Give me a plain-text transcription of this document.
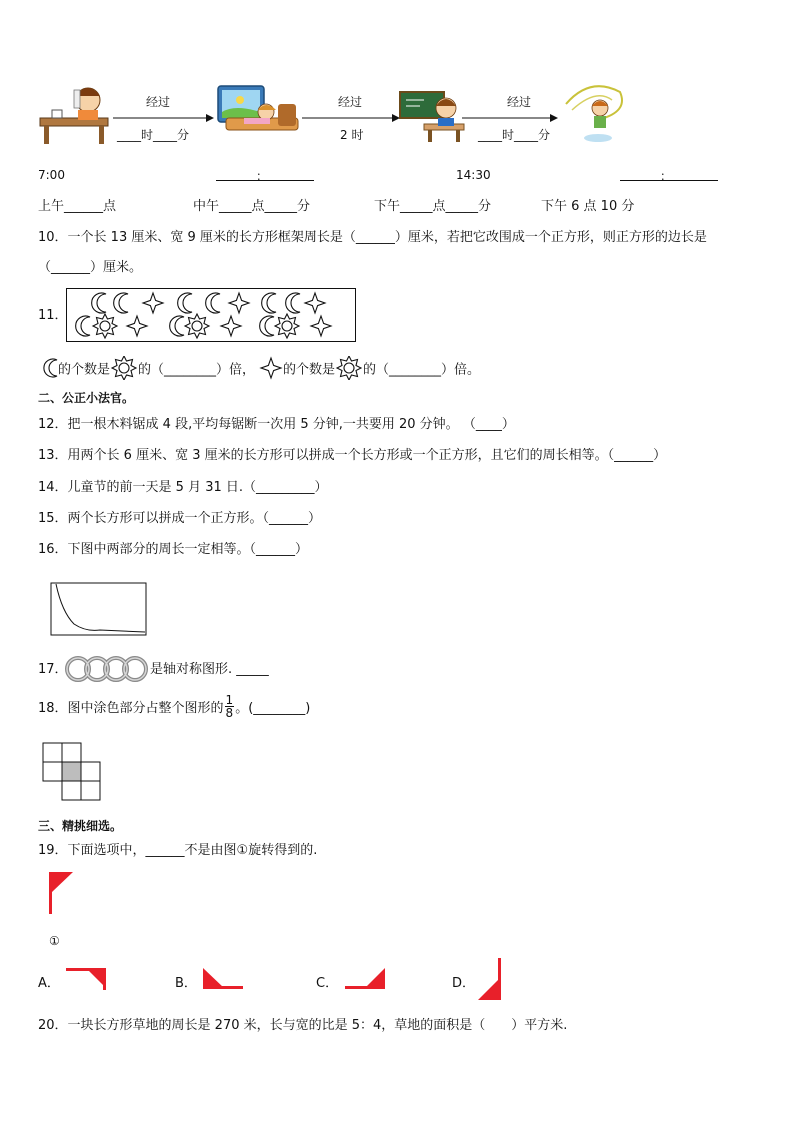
经过
____时____分
经过
2 时
经过
____时____分
7:00	：	14:30	：
上午______点	中午_____点_____分	下午_____点_____分	下午 6 点 10 分
10．一个长 13 厘米、宽 9 厘米的长方形框架周长是（______）厘米，若把它改围成一个正方形，则正方形的边长是
（______）厘米。
11．
的个数是 的（________）倍， 的个数是 的（________）倍。
二、公正小法官。
12．把一根木料锯成 4 段,平均每锯断一次用 5 分钟,一共要用 20 分钟。 （____）
13．用两个长 6 厘米、宽 3 厘米的长方形可以拼成一个长方形或一个正方形，且它们的周长相等。（______）
14．儿童节的前一天是 5 月 31 日.（_________）
15．两个长方形可以拼成一个正方形。（______）
16．下图中两部分的周长一定相等。（______）
17．	是轴对称图形. _____
18．图中涂色部分占整个图形的 $\frac{1}{8}$ 。(________)
三、精挑细选。
19．下面选项中，______不是由图①旋转得到的.
①
A．	B．	C．	D．
20．一块长方形草地的周长是 270 米，长与宽的比是 5：4，草地的面积是（　　）平方米.
